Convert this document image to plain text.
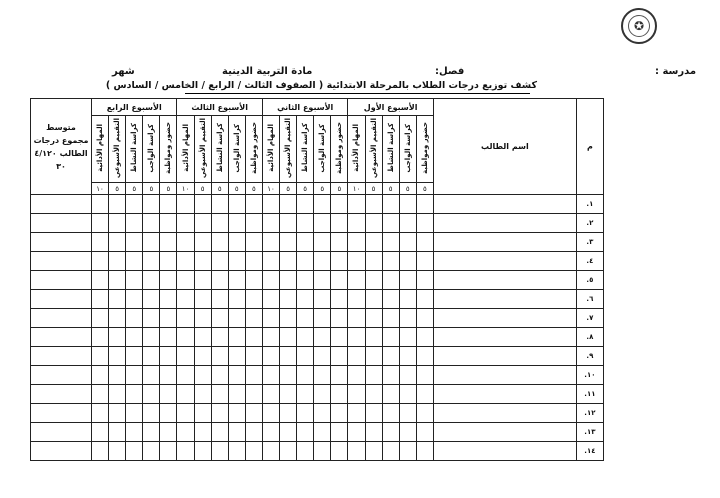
✪
مدرسة :
فصل:
مادة التربية الدينية
شهر
كشف توزيع درجات الطلاب بالمرحلة الابتدائية ( الصفوف الثالث / الرابع / الخامس / السادس )
م	اسم الطالب	الأسبوع الأول					الأسبوع الثاني					الأسبوع الثالث					الأسبوع الرابع					متوسط
مجموع درجات
الطالب ٤/١٢٠
٣٠

		حضور ومواظبة	كراسة الواجب	كراسة النشاط	التقييم الأسبوعي	المهام الأدائية	حضور ومواظبة	كراسة الواجب	كراسة النشاط	التقييم الأسبوعي	المهام الأدائية	حضور ومواظبة	كراسة الواجب	كراسة النشاط	التقييم الأسبوعي	المهام الأدائية	حضور ومواظبة	كراسة الواجب	كراسة النشاط	التقييم الأسبوعي	المهام الأدائية	
		٥	٥	٥	٥	١٠	٥	٥	٥	٥	١٠	٥	٥	٥	٥	١٠	٥	٥	٥	٥	١٠	
١.																						
٢.																						
٣.																						
٤.																						
٥.																						
٦.																						
٧.																						
٨.																						
٩.																						
١٠.																						
١١.																						
١٢.																						
١٣.																						
١٤.																						
